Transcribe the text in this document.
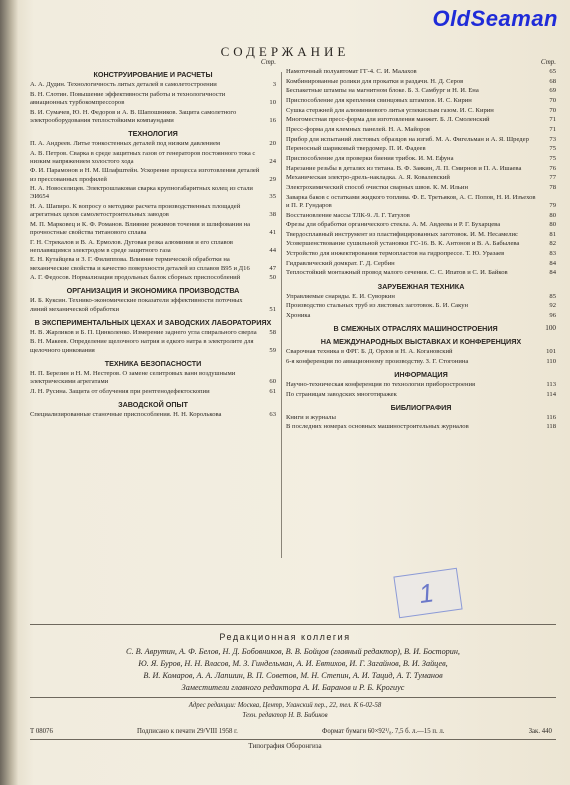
OldSeaman
СОДЕРЖАНИЕ
Стр.
КОНСТРУИРОВАНИЕ И РАСЧЕТЫ
А. А. Дудин. Технологичность литых деталей в самолетостроении	3
В. Н. Слотин. Повышение эффективности работы и технологичности авиационных турбокомпрессоров	10
В. И. Сумачев, Ю. Н. Федоров и А. В. Шапошников. Защита самолетного электрооборудования теплостойкими компаундами	16
ТЕХНОЛОГИЯ
П. А. Андреев. Литье тонкостенных деталей под низким давлением	20
А. В. Петров. Сварка в среде защитных газов от генераторов постоянного тока с низким напряжением холостого хода	24
Ф. И. Парамонов и Н. М. Шлафштейн. Ускорение процесса изготовления деталей из прессованных профилей	29
Н. А. Новоселицев. Электрошлаковая сварка крупногабаритных колец из стали ЭИ654	35
Н. А. Шапиро. К вопросу о методике расчета производственных площадей агрегатных цехов самолетостроительных заводов	38
М. П. Марковец и К. Ф. Романов. Влияние режимов точения и шлифования на прочностные свойства титанового сплава	41
Г. Н. Стрекалов и В. А. Ермолов. Дуговая резка алюминия и его сплавов неплавящимся электродом в среде защитного газа	44
Е. Н. Кутайцева и З. Г. Филиппова. Влияние термической обработки на механические свойства и качество поверхности деталей из сплавов В95 и Д16	47
А. Г. Федосов. Нормализация продольных балок сборных приспособлений	50
ОРГАНИЗАЦИЯ И ЭКОНОМИКА ПРОИЗВОДСТВА
И. Б. Куксин. Технико-экономические показатели эффективности поточных линий механической обработки	51
В ЭКСПЕРИМЕНТАЛЬНЫХ ЦЕХАХ И ЗАВОДСКИХ ЛАБОРАТОРИЯХ
Н. В. Жарликов и Б. П. Цинколенко. Измерение заднего угла спирального сверла	58
В. Н. Макеев. Определение щелочного натрия и едкого натра в электролите для щелочного цинкования	59
ТЕХНИКА БЕЗОПАСНОСТИ
Н. П. Березин и Н. М. Нестеров. О замене селитровых ванн воздушными электрическими агрегатами	60
Л. Н. Русина. Защита от облучения при рентгенодефектоскопии	61
ЗАВОДСКОЙ ОПЫТ
Специализированные станочные приспособления. Н. Н. Королькова	63
Стр.
Намоточный полуавтомат ГГ-4. С. И. Малахов	65
Комбинированные ролики для прокатки и раздачи. Н. Д. Серов	68
Беспакетные штампы на магнитном блоке. Б. З. Самбург и Н. И. Ена	69
Приспособление для крепления свинцовых штампов. И. С. Кирин	70
Сушка стержней для алюминиевого литья углекислым газом. И. С. Кирин	70
Многоместная пресс-форма для изготовления манжет. Б. Л. Смоленский	71
Пресс-форма для клемных панелей. Н. А. Майоров	71
Прибор для испытаний листовых образцов на изгиб. М. А. Фигельман и А. Я. Шредер	73
Переносный шариковый твердомер. П. И. Фадеев	75
Приспособление для проверки биения трибок. И. М. Ефуна	75
Нарезание резьбы в деталях из титана. В. Ф. Заякин, Л. П. Смирнов и П. А. Ишаева	76
Механическая электро-дрель-накладка. А. Я. Ковалевский	77
Электрохимический способ очистки сварных швов. К. М. Ильин	78
Заварка баков с остатками жидкого топлива. Ф. Е. Третьяков, А. С. Попов, Н. И. Изъехов и П. Р. Гундаров	79
Восстановление массы ТЛК-9. Л. Г. Татулов	80
Фрезы для обработки органического стекла. А. М. Авдеева и Р. Г. Бухарцева	80
Твердосплавный инструмент из пластифицированных заготовок. И. М. Несамелис	81
Усовершенствование сушильной установки ГС-16. В. К. Антонов и В. А. Бабылева	82
Устройство для инжектирования термопластов на гидропрессе. Т. Ю. Уразаев	83
Гидравлический домкрат. Г. Д. Сербин	84
Теплостойкий монтажный провод малого сечения. С. С. Ипатов и С. И. Байков	84
ЗАРУБЕЖНАЯ ТЕХНИКА
Управляемые снаряды. Е. И. Суворкин	85
Производство стальных труб из листовых заготовок. Б. И. Сакун	92
Хроника	96
В СМЕЖНЫХ ОТРАСЛЯХ МАШИНОСТРОЕНИЯ	100
НА МЕЖДУНАРОДНЫХ ВЫСТАВКАХ И КОНФЕРЕНЦИЯХ
Сварочная техника в ФРГ. Б. Д. Орлов и Н. А. Когановский	101
6-я конференция по авиационному производству. З. Г. Стогонина	110
ИНФОРМАЦИЯ
Научно-техническая конференция по технологии приборостроения	113
По страницам заводских многотиражек	114
БИБЛИОГРАФИЯ
Книги и журналы	116
В последних номерах основных машиностроительных журналов	118
1
Редакционная коллегия
С. В. Аврутин, А. Ф. Белов, Н. Д. Бобовников, В. В. Бойцов (главный редактор), В. И. Босторин,
Ю. Я. Буров, Н. Н. Власов, М. З. Гиндельман, А. И. Евтихов, И. Г. Загайнов, В. И. Зайцев,
В. И. Комаров, А. А. Лапшин, В. П. Советов, М. Н. Степин, А. И. Тацид, А. Т. Туманов
Заместители главного редактора А. И. Баранов и Р. Б. Крогиус
Адрес редакции: Москва, Центр, Уланский пер., 22, тел. К 6-02-58
Техн. редактор Н. В. Бибиков
Т 08076	Подписано к печати 29/VIII 1958 г.	Формат бумаги 60×92¹/₈. 7,5 б. л.—15 п. л.	Зак. 440
Типография Оборонгиза
